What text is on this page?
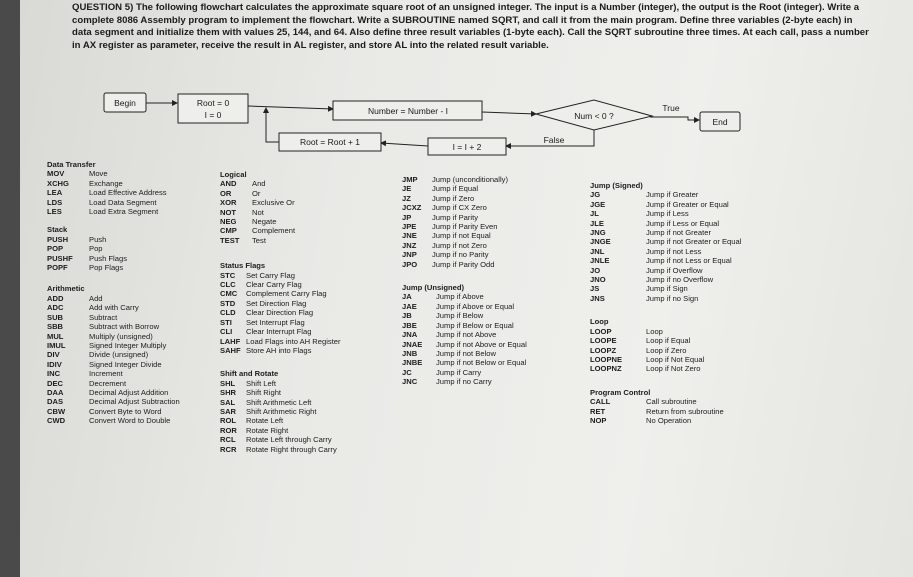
QUESTION 5) The following flowchart calculates the approximate square root of an unsigned integer. The input is a Number (integer), the output is the Root (integer). Write a complete 8086 Assembly program to implement the flowchart. Write a SUBROUTINE named SQRT, and call it from the main program. Define three variables (2-byte each) in data segment and initialize them with values 25, 144, and 64. Also define three result variables (1-byte each). Call the SQRT subroutine three times. At each call, pass a number in AX register as parameter, receive the result in AL register, and store AL into the related result variable.

Begin	Root = 0
I = 0	Number = Number - I	Num < 0 ?
True
False
End
I = I + 2
Root = Root + 1
Data Transfer
MOV	Move
XCHG	Exchange
LEA	Load Effective Address
LDS	Load Data Segment
LES	Load Extra Segment
Stack
PUSH	Push
POP	Pop
PUSHF	Push Flags
POPF	Pop Flags
Arithmetic
ADD	Add
ADC	Add with Carry
SUB	Subtract
SBB	Subtract with Borrow
MUL	Multiply (unsigned)
IMUL	Signed Integer Multiply
DIV	Divide (unsigned)
IDIV	Signed Integer Divide
INC	Increment
DEC	Decrement
DAA	Decimal Adjust Addition
DAS	Decimal Adjust Subtraction
CBW	Convert Byte to Word
CWD	Convert Word to Double
Logical
AND	And
OR	Or
XOR	Exclusive Or
NOT	Not
NEG	Negate
CMP	Complement
TEST	Test
Status Flags
STC	Set Carry Flag
CLC	Clear Carry Flag
CMC	Complement Carry Flag
STD	Set Direction Flag
CLD	Clear Direction Flag
STI	Set Interrupt Flag
CLI	Clear Interrupt Flag
LAHF Load Flags into AH Register
SAHF Store AH into Flags
Shift and Rotate
SHL	Shift Left
SHR	Shift Right
SAL	Shift Arithmetic Left
SAR	Shift Arithmetic Right
ROL	Rotate Left
ROR	Rotate Right
RCL	Rotate Left through Carry
RCR	Rotate Right through Carry
JMP	Jump (unconditionally)
JE	Jump if Equal
JZ	Jump if Zero
JCXZ	Jump if CX Zero
JP	Jump if Parity
JPE	Jump if Parity Even
JNE	Jump if not Equal
JNZ	Jump if not Zero
JNP	Jump if no Parity
JPO	Jump if Parity Odd
Jump (Unsigned)
JA	Jump if Above
JAE	Jump if Above or Equal
JB	Jump if Below
JBE	Jump if Below or Equal
JNA	Jump if not Above
JNAE	Jump if not Above or Equal
JNB	Jump if not Below
JNBE	Jump if not Below or Equal
JC	Jump if Carry
JNC	Jump if no Carry
Jump (Signed)
JG	Jump if Greater
JGE	Jump if Greater or Equal
JL	Jump if Less
JLE	Jump if Less or Equal
JNG	Jump if not Greater
JNGE	Jump if not Greater or Equal
JNL	Jump if not Less
JNLE	Jump if not Less or Equal
JO	Jump if Overflow
JNO	Jump if no Overflow
JS	Jump if Sign
JNS	Jump if no Sign
Loop
LOOP	Loop
LOOPE	Loop if Equal
LOOPZ	Loop if Zero
LOOPNE	Loop if Not Equal
LOOPNZ	Loop if Not Zero
Program Control
CALL	Call subroutine
RET	Return from subroutine
NOP	No Operation
